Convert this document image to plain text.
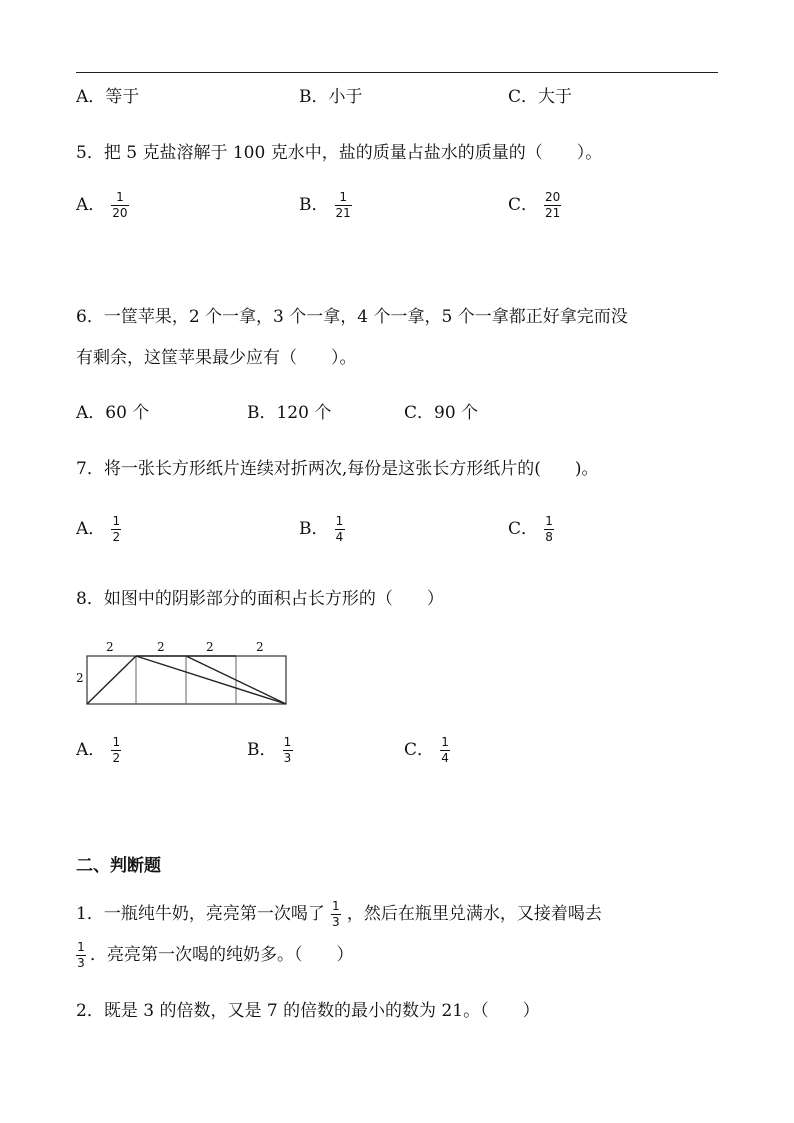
A．等于	B．小于	C．大于
5．把 5 克盐溶解于 100 克水中，盐的质量占盐水的质量的（　　）。
A． $\frac{1}{20}$	B． $\frac{1}{21}$	C． $\frac{20}{21}$
6．一筐苹果，2 个一拿，3 个一拿，4 个一拿，5 个一拿都正好拿完而没
有剩余，这筐苹果最少应有（　　）。
A．60 个	B．120 个	C．90 个
7．将一张长方形纸片连续对折两次,每份是这张长方形纸片的(　　)。
A． $\frac{1}{2}$	B． $\frac{1}{4}$	C． $\frac{1}{8}$
8．如图中的阴影部分的面积占长方形的（　　）
2	2	2	2
2
A． $\frac{1}{2}$	B． $\frac{1}{3}$	C． $\frac{1}{4}$
二、判断题
1．一瓶纯牛奶，亮亮第一次喝了 $\frac{1}{3}$ ，然后在瓶里兑满水，又接着喝去
$\frac{1}{3}$ ．亮亮第一次喝的纯奶多。（　　）
2．既是 3 的倍数，又是 7 的倍数的最小的数为 21。（　　）
